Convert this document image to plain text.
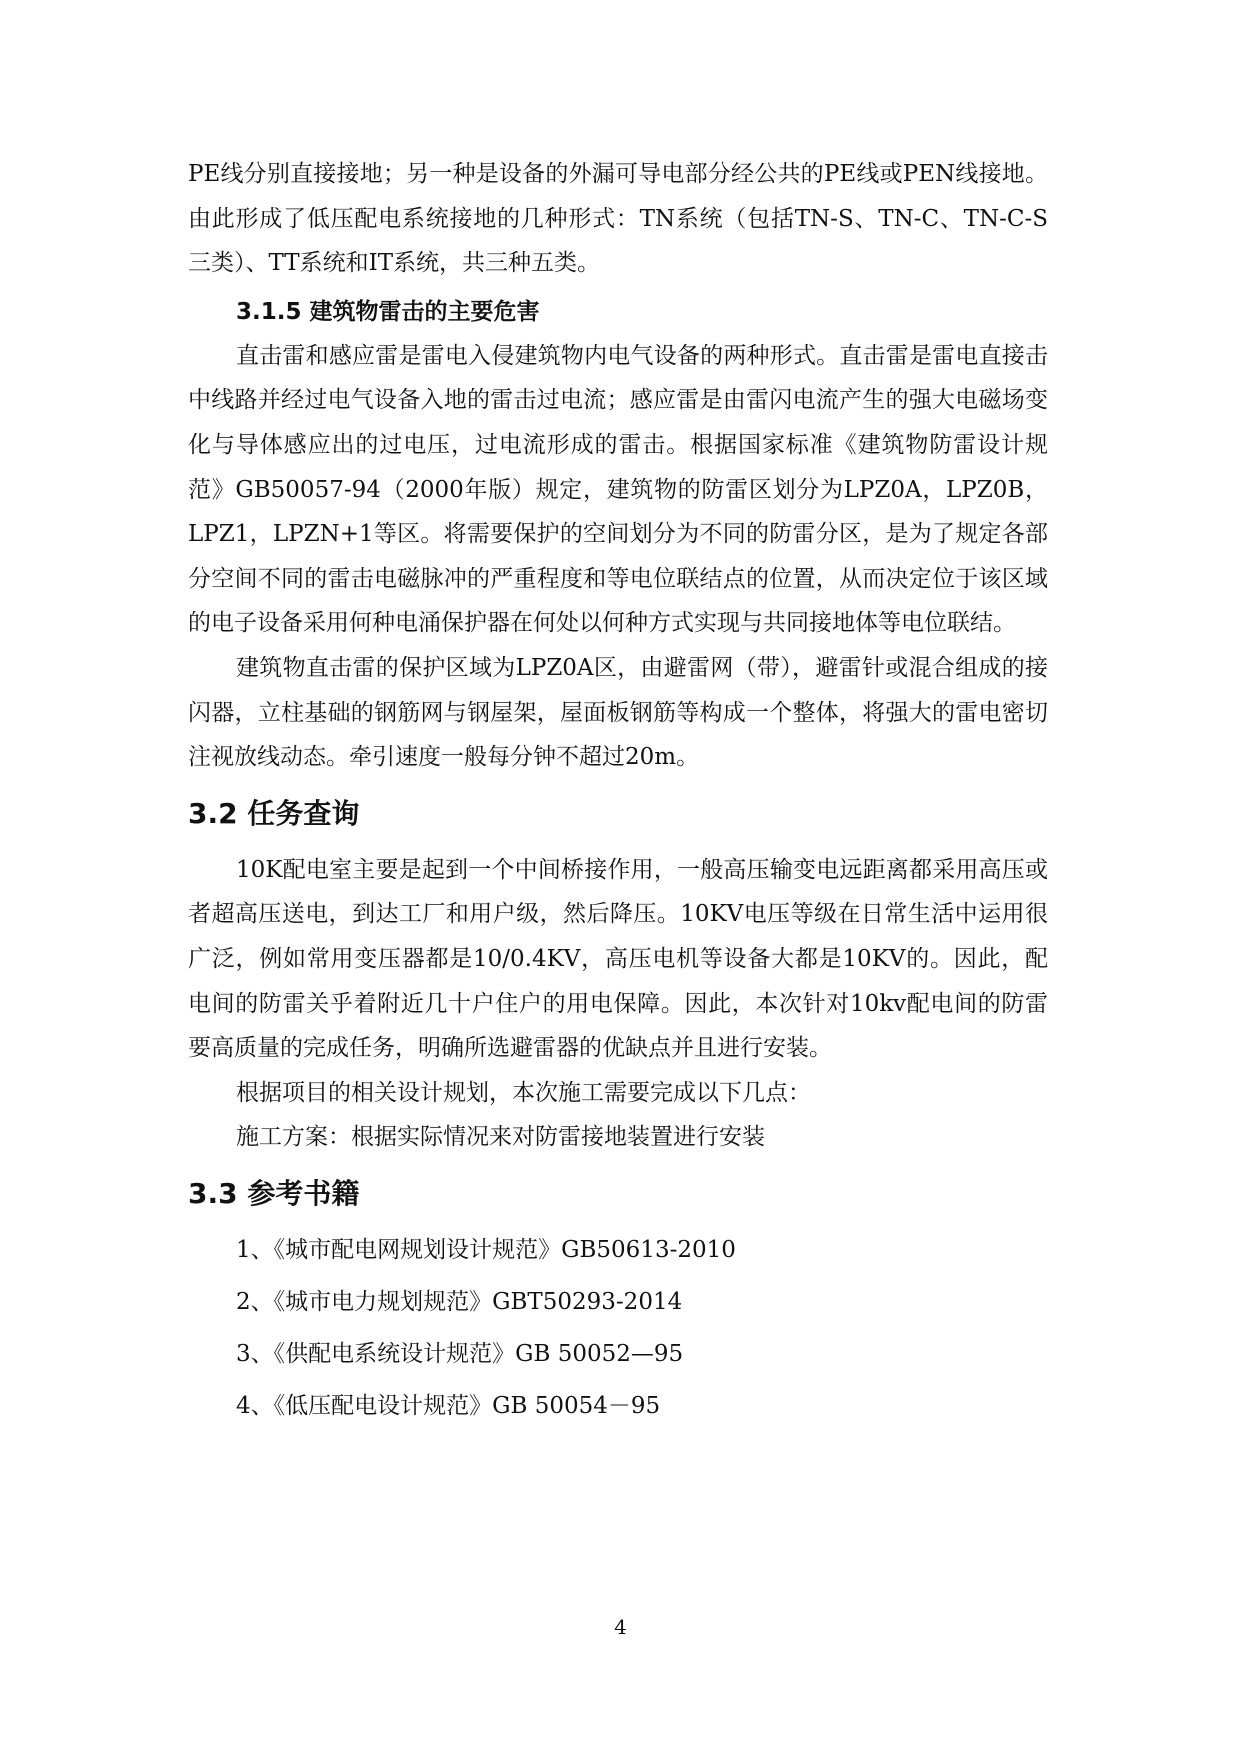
PE线分别直接接地；另一种是设备的外漏可导电部分经公共的PE线或PEN线接地。由此形成了低压配电系统接地的几种形式：TN系统（包括TN-S、TN-C、TN-C-S三类）、TT系统和IT系统，共三种五类。

3.1.5 建筑物雷击的主要危害

直击雷和感应雷是雷电入侵建筑物内电气设备的两种形式。直击雷是雷电直接击中线路并经过电气设备入地的雷击过电流；感应雷是由雷闪电流产生的强大电磁场变化与导体感应出的过电压，过电流形成的雷击。根据国家标准《建筑物防雷设计规范》GB50057-94（2000年版）规定，建筑物的防雷区划分为LPZ0A，LPZ0B，LPZ1，LPZN+1等区。将需要保护的空间划分为不同的防雷分区，是为了规定各部分空间不同的雷击电磁脉冲的严重程度和等电位联结点的位置，从而决定位于该区域的电子设备采用何种电涌保护器在何处以何种方式实现与共同接地体等电位联结。

建筑物直击雷的保护区域为LPZ0A区，由避雷网（带），避雷针或混合组成的接闪器，立柱基础的钢筋网与钢屋架，屋面板钢筋等构成一个整体，将强大的雷电密切注视放线动态。牵引速度一般每分钟不超过20m。

3.2 任务查询

10K配电室主要是起到一个中间桥接作用，一般高压输变电远距离都采用高压或者超高压送电，到达工厂和用户级，然后降压。10KV电压等级在日常生活中运用很广泛，例如常用变压器都是10/0.4KV，高压电机等设备大都是10KV的。因此，配电间的防雷关乎着附近几十户住户的用电保障。因此，本次针对10kv配电间的防雷要高质量的完成任务，明确所选避雷器的优缺点并且进行安装。

根据项目的相关设计规划，本次施工需要完成以下几点：

施工方案：根据实际情况来对防雷接地装置进行安装

3.3 参考书籍
1、《城市配电网规划设计规范》GB50613-2010
2、《城市电力规划规范》GBT50293-2014
3、《供配电系统设计规范》GB 50052—95
4、《低压配电设计规范》GB 50054－95
4
